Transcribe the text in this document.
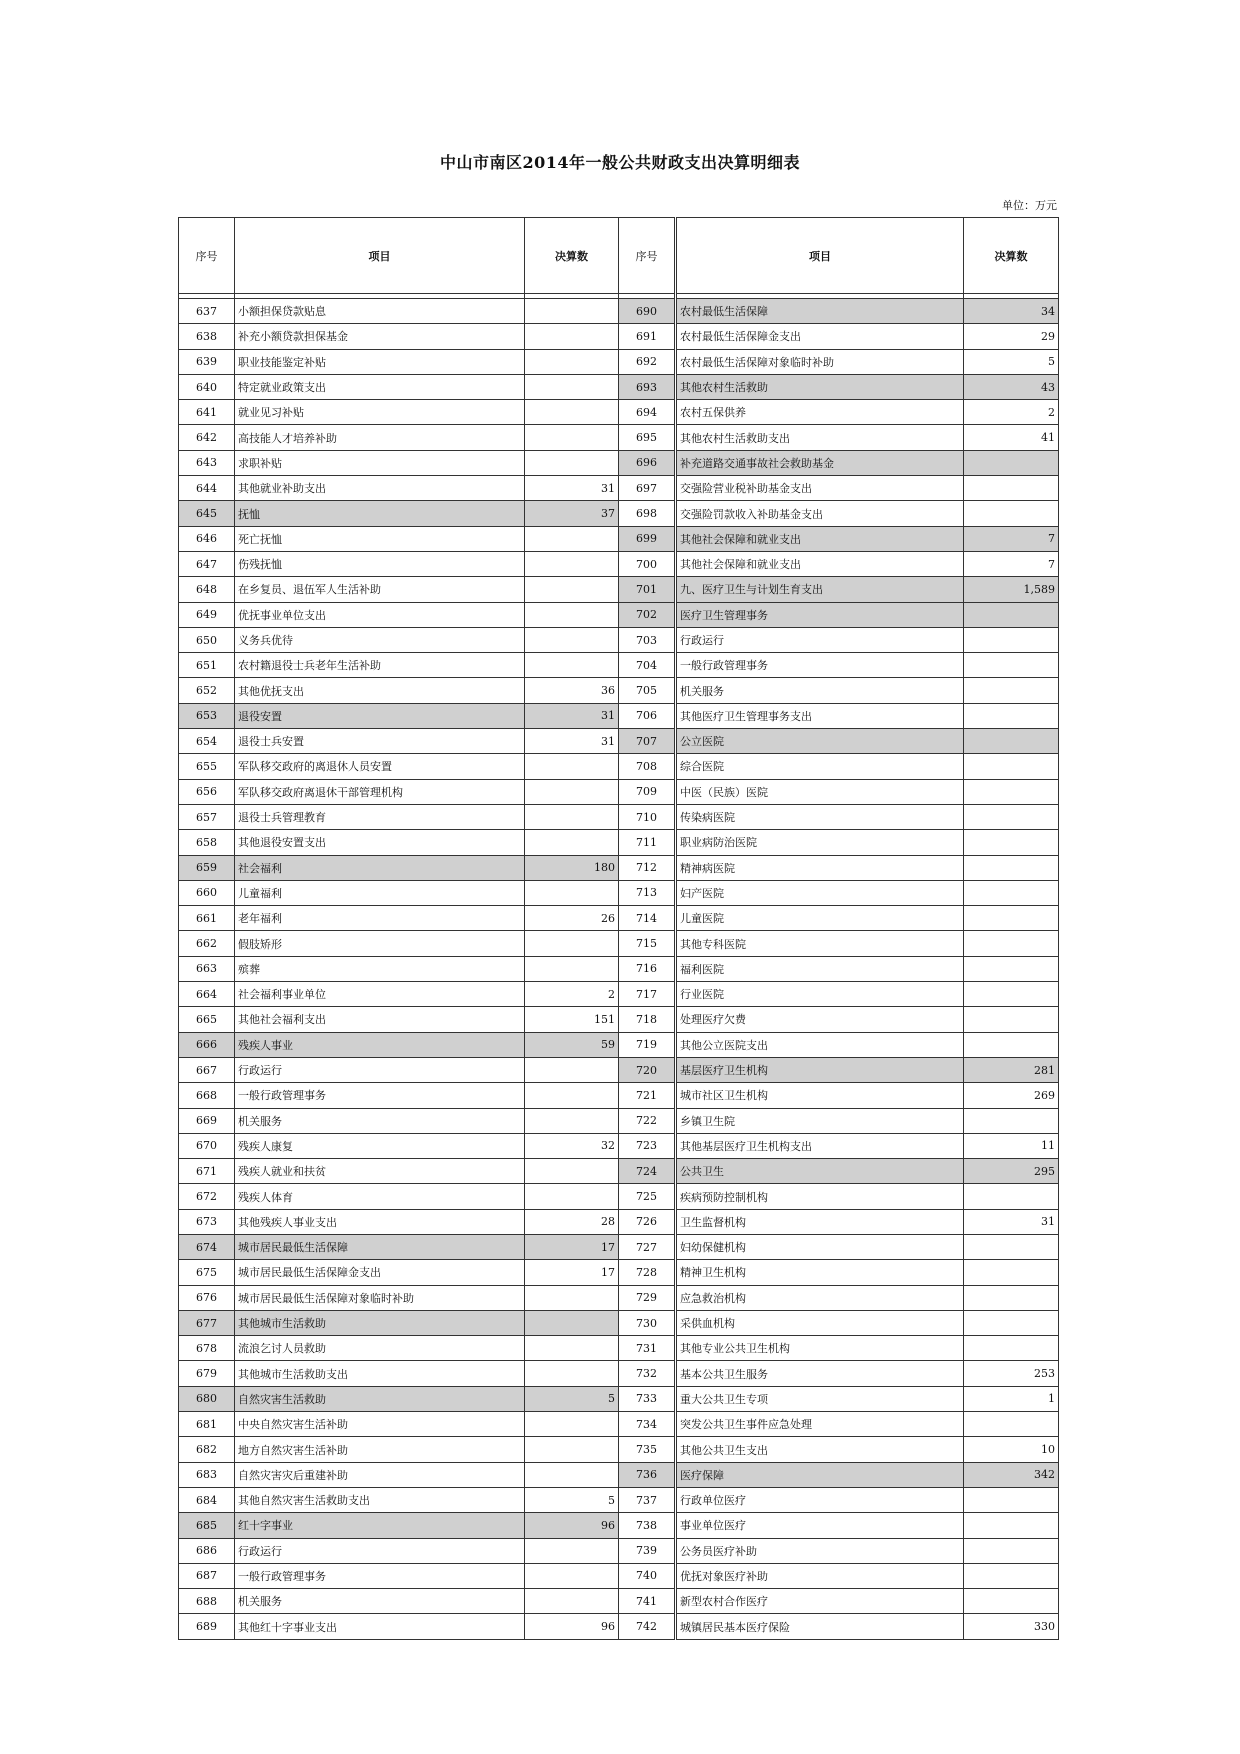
中山市南区2014年一般公共财政支出决算明细表
单位：万元
序号	项目	决算数	序号	项目	决算数

637	小额担保贷款贴息		690	农村最低生活保障	34
638	补充小额贷款担保基金		691	农村最低生活保障金支出	29
639	职业技能鉴定补贴		692	农村最低生活保障对象临时补助	5
640	特定就业政策支出		693	其他农村生活救助	43
641	就业见习补贴		694	农村五保供养	2
642	高技能人才培养补助		695	其他农村生活救助支出	41
643	求职补贴		696	补充道路交通事故社会救助基金	
644	其他就业补助支出	31	697	交强险营业税补助基金支出	
645	抚恤	37	698	交强险罚款收入补助基金支出	
646	死亡抚恤		699	其他社会保障和就业支出	7
647	伤残抚恤		700	其他社会保障和就业支出	7
648	在乡复员、退伍军人生活补助		701	九、医疗卫生与计划生育支出	1,589
649	优抚事业单位支出		702	医疗卫生管理事务	
650	义务兵优待		703	行政运行	
651	农村籍退役士兵老年生活补助		704	一般行政管理事务	
652	其他优抚支出	36	705	机关服务	
653	退役安置	31	706	其他医疗卫生管理事务支出	
654	退役士兵安置	31	707	公立医院	
655	军队移交政府的离退休人员安置		708	综合医院	
656	军队移交政府离退休干部管理机构		709	中医（民族）医院	
657	退役士兵管理教育		710	传染病医院	
658	其他退役安置支出		711	职业病防治医院	
659	社会福利	180	712	精神病医院	
660	儿童福利		713	妇产医院	
661	老年福利	26	714	儿童医院	
662	假肢矫形		715	其他专科医院	
663	殡葬		716	福利医院	
664	社会福利事业单位	2	717	行业医院	
665	其他社会福利支出	151	718	处理医疗欠费	
666	残疾人事业	59	719	其他公立医院支出	
667	行政运行		720	基层医疗卫生机构	281
668	一般行政管理事务		721	城市社区卫生机构	269
669	机关服务		722	乡镇卫生院	
670	残疾人康复	32	723	其他基层医疗卫生机构支出	11
671	残疾人就业和扶贫		724	公共卫生	295
672	残疾人体育		725	疾病预防控制机构	
673	其他残疾人事业支出	28	726	卫生监督机构	31
674	城市居民最低生活保障	17	727	妇幼保健机构	
675	城市居民最低生活保障金支出	17	728	精神卫生机构	
676	城市居民最低生活保障对象临时补助		729	应急救治机构	
677	其他城市生活救助		730	采供血机构	
678	流浪乞讨人员救助		731	其他专业公共卫生机构	
679	其他城市生活救助支出		732	基本公共卫生服务	253
680	自然灾害生活救助	5	733	重大公共卫生专项	1
681	中央自然灾害生活补助		734	突发公共卫生事件应急处理	
682	地方自然灾害生活补助		735	其他公共卫生支出	10
683	自然灾害灾后重建补助		736	医疗保障	342
684	其他自然灾害生活救助支出	5	737	行政单位医疗	
685	红十字事业	96	738	事业单位医疗	
686	行政运行		739	公务员医疗补助	
687	一般行政管理事务		740	优抚对象医疗补助	
688	机关服务		741	新型农村合作医疗	
689	其他红十字事业支出	96	742	城镇居民基本医疗保险	330
